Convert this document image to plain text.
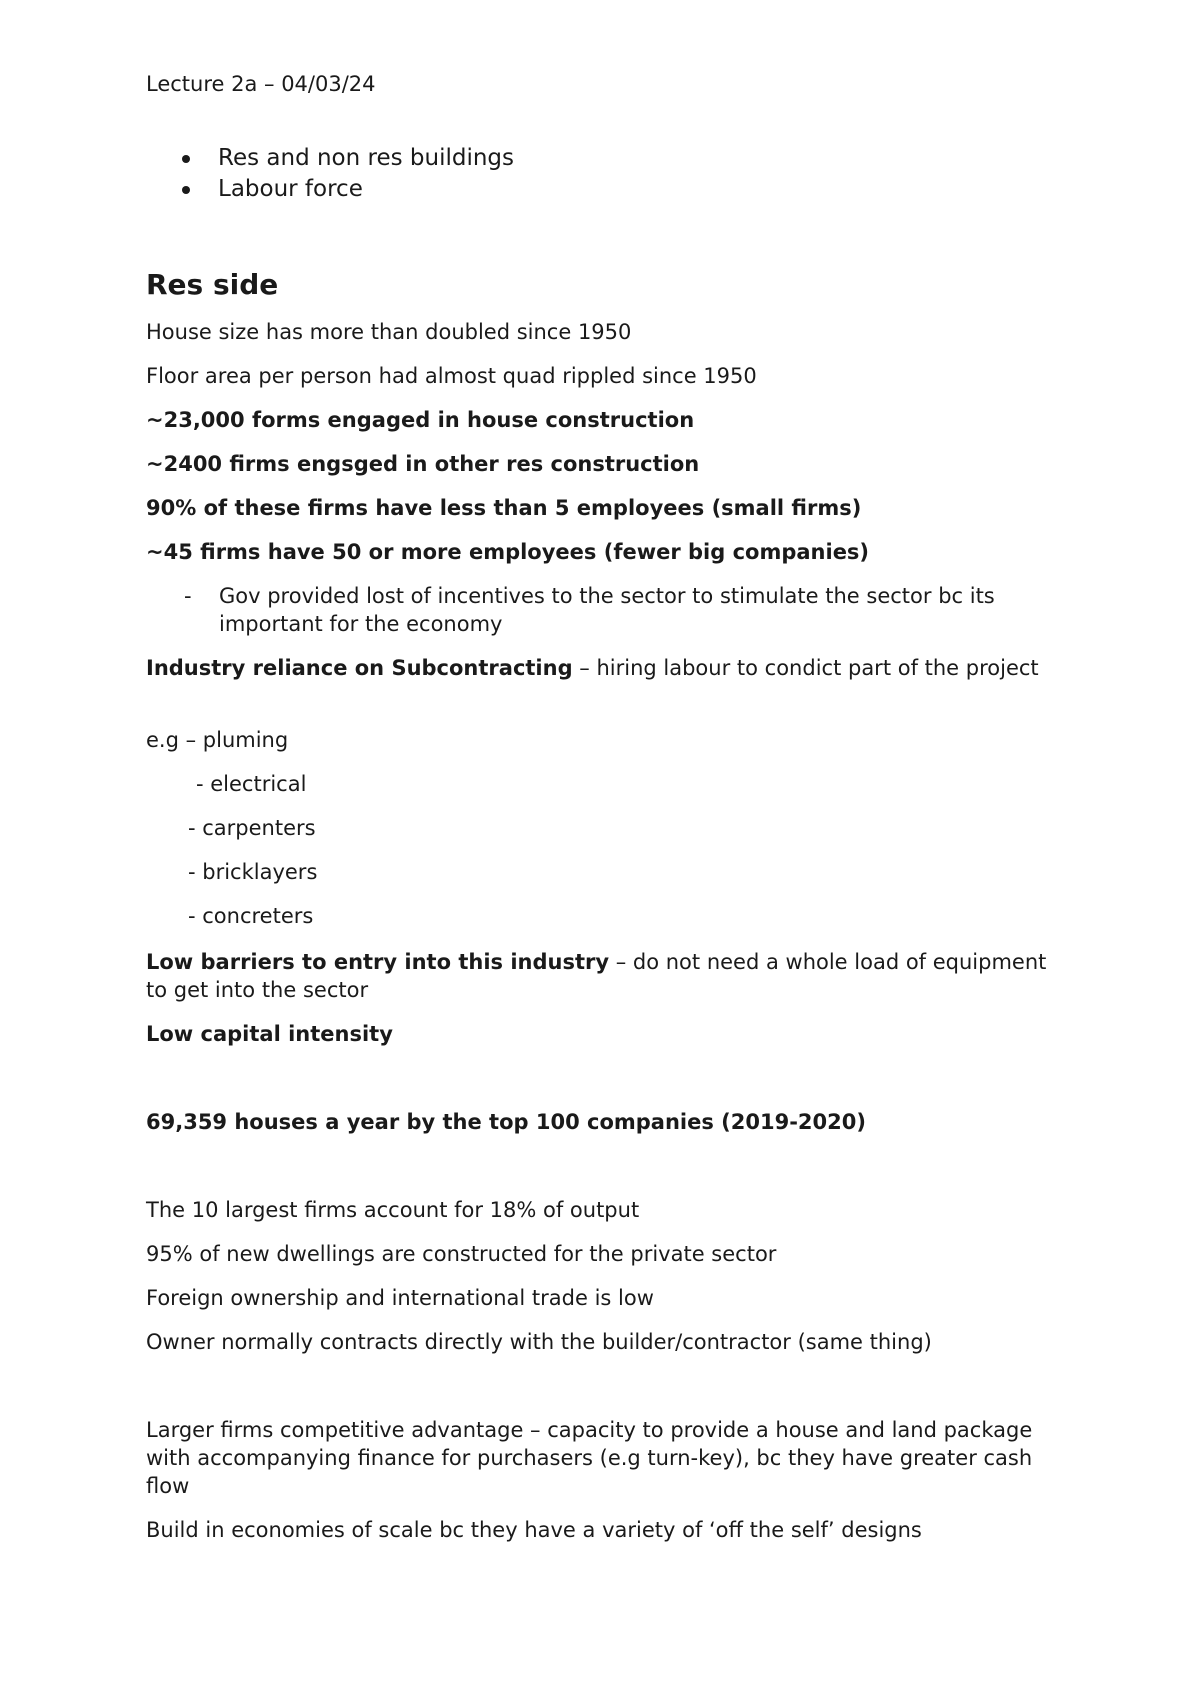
Lecture 2a – 04/03/24
Res and non res buildings
Labour force
Res side
House size has more than doubled since 1950
Floor area per person had almost quad rippled since 1950
~23,000 forms engaged in house construction
~2400 firms engsged in other res construction
90% of these firms have less than 5 employees (small firms)
~45 firms have 50 or more employees (fewer big companies)
- Gov provided lost of incentives to the sector to stimulate the sector bc its important for the economy
Industry reliance on Subcontracting – hiring labour to condict part of the project
e.g – pluming
- electrical
- carpenters
- bricklayers
- concreters
Low barriers to entry into this industry – do not need a whole load of equipment to get into the sector
Low capital intensity
69,359 houses a year by the top 100 companies (2019-2020)
The 10 largest firms account for 18% of output
95% of new dwellings are constructed for the private sector
Foreign ownership and international trade is low
Owner normally contracts directly with the builder/contractor (same thing)
Larger firms competitive advantage – capacity to provide a house and land package with accompanying finance for purchasers (e.g turn-key), bc they have greater cash flow
Build in economies of scale bc they have a variety of ‘off the self’ designs
